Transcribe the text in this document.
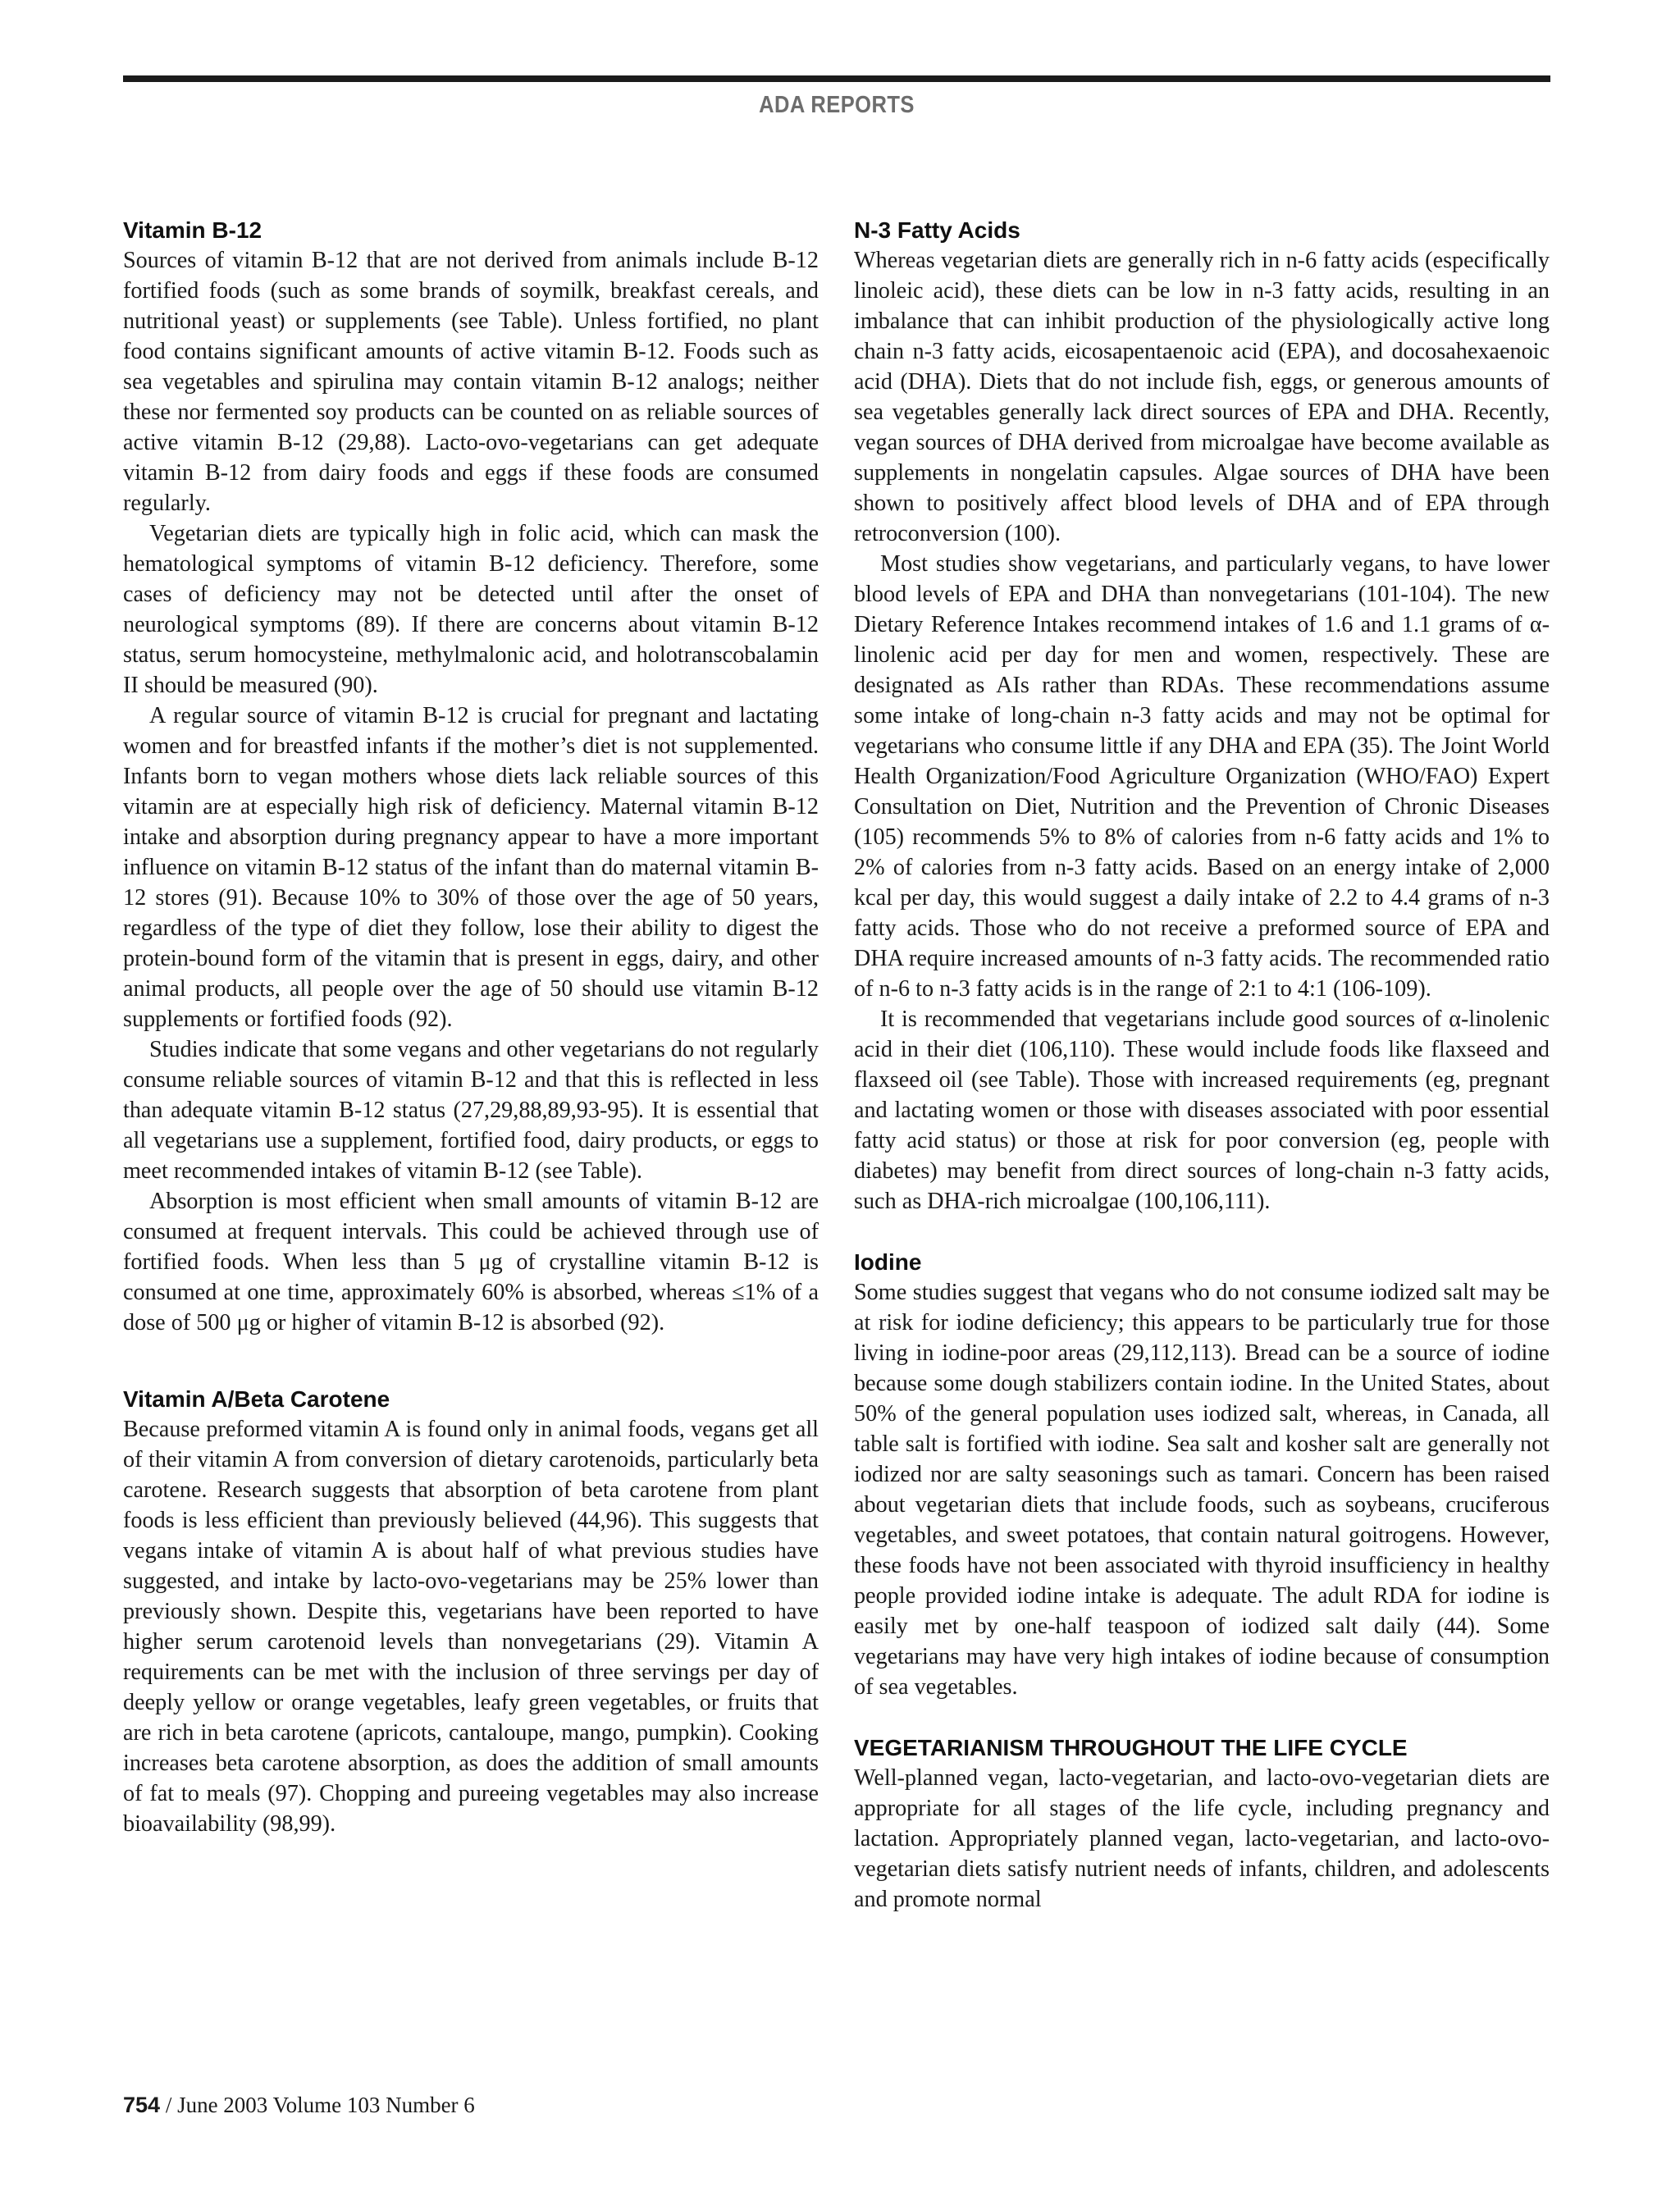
ADA REPORTS
Vitamin B-12

Sources of vitamin B-12 that are not derived from animals include B-12 fortified foods (such as some brands of soymilk, breakfast cereals, and nutritional yeast) or supplements (see Table). Unless fortified, no plant food contains significant amounts of active vitamin B-12. Foods such as sea vegetables and spirulina may contain vitamin B-12 analogs; neither these nor fermented soy products can be counted on as reliable sources of active vitamin B-12 (29,88). Lacto-ovo-vegetarians can get adequate vitamin B-12 from dairy foods and eggs if these foods are consumed regularly.

Vegetarian diets are typically high in folic acid, which can mask the hematological symptoms of vitamin B-12 deficiency. Therefore, some cases of deficiency may not be detected until after the onset of neurological symptoms (89). If there are concerns about vitamin B-12 status, serum homocysteine, methylmalonic acid, and holotranscobalamin II should be measured (90).

A regular source of vitamin B-12 is crucial for pregnant and lactating women and for breastfed infants if the mother’s diet is not supplemented. Infants born to vegan mothers whose diets lack reliable sources of this vitamin are at especially high risk of deficiency. Maternal vitamin B-12 intake and absorption during pregnancy appear to have a more important influence on vitamin B-12 status of the infant than do maternal vitamin B-12 stores (91). Because 10% to 30% of those over the age of 50 years, regardless of the type of diet they follow, lose their ability to digest the protein-bound form of the vitamin that is present in eggs, dairy, and other animal products, all people over the age of 50 should use vitamin B-12 supplements or fortified foods (92).

Studies indicate that some vegans and other vegetarians do not regularly consume reliable sources of vitamin B-12 and that this is reflected in less than adequate vitamin B-12 status (27,29,88,89,93-95). It is essential that all vegetarians use a supplement, fortified food, dairy products, or eggs to meet recommended intakes of vitamin B-12 (see Table).

Absorption is most efficient when small amounts of vitamin B-12 are consumed at frequent intervals. This could be achieved through use of fortified foods. When less than 5 μg of crystalline vitamin B-12 is consumed at one time, approximately 60% is absorbed, whereas ≤1% of a dose of 500 μg or higher of vitamin B-12 is absorbed (92).

Vitamin A/Beta Carotene

Because preformed vitamin A is found only in animal foods, vegans get all of their vitamin A from conversion of dietary carotenoids, particularly beta carotene. Research suggests that absorption of beta carotene from plant foods is less efficient than previously believed (44,96). This suggests that vegans intake of vitamin A is about half of what previous studies have suggested, and intake by lacto-ovo-vegetarians may be 25% lower than previously shown. Despite this, vegetarians have been reported to have higher serum carotenoid levels than nonvegetarians (29). Vitamin A requirements can be met with the inclusion of three servings per day of deeply yellow or orange vegetables, leafy green vegetables, or fruits that are rich in beta carotene (apricots, cantaloupe, mango, pumpkin). Cooking increases beta carotene absorption, as does the addition of small amounts of fat to meals (97). Chopping and pureeing vegetables may also increase bioavailability (98,99).

N-3 Fatty Acids

Whereas vegetarian diets are generally rich in n-6 fatty acids (especifically linoleic acid), these diets can be low in n-3 fatty acids, resulting in an imbalance that can inhibit production of the physiologically active long chain n-3 fatty acids, eicosapentaenoic acid (EPA), and docosahexaenoic acid (DHA). Diets that do not include fish, eggs, or generous amounts of sea vegetables generally lack direct sources of EPA and DHA. Recently, vegan sources of DHA derived from microalgae have become available as supplements in nongelatin capsules. Algae sources of DHA have been shown to positively affect blood levels of DHA and of EPA through retroconversion (100).

Most studies show vegetarians, and particularly vegans, to have lower blood levels of EPA and DHA than nonvegetarians (101-104). The new Dietary Reference Intakes recommend intakes of 1.6 and 1.1 grams of α-linolenic acid per day for men and women, respectively. These are designated as AIs rather than RDAs. These recommendations assume some intake of long-chain n-3 fatty acids and may not be optimal for vegetarians who consume little if any DHA and EPA (35). The Joint World Health Organization/Food Agriculture Organization (WHO/FAO) Expert Consultation on Diet, Nutrition and the Prevention of Chronic Diseases (105) recommends 5% to 8% of calories from n-6 fatty acids and 1% to 2% of calories from n-3 fatty acids. Based on an energy intake of 2,000 kcal per day, this would suggest a daily intake of 2.2 to 4.4 grams of n-3 fatty acids. Those who do not receive a preformed source of EPA and DHA require increased amounts of n-3 fatty acids. The recommended ratio of n-6 to n-3 fatty acids is in the range of 2:1 to 4:1 (106-109).

It is recommended that vegetarians include good sources of α-linolenic acid in their diet (106,110). These would include foods like flaxseed and flaxseed oil (see Table). Those with increased requirements (eg, pregnant and lactating women or those with diseases associated with poor essential fatty acid status) or those at risk for poor conversion (eg, people with diabetes) may benefit from direct sources of long-chain n-3 fatty acids, such as DHA-rich microalgae (100,106,111).

Iodine

Some studies suggest that vegans who do not consume iodized salt may be at risk for iodine deficiency; this appears to be particularly true for those living in iodine-poor areas (29,112,113). Bread can be a source of iodine because some dough stabilizers contain iodine. In the United States, about 50% of the general population uses iodized salt, whereas, in Canada, all table salt is fortified with iodine. Sea salt and kosher salt are generally not iodized nor are salty seasonings such as tamari. Concern has been raised about vegetarian diets that include foods, such as soybeans, cruciferous vegetables, and sweet potatoes, that contain natural goitrogens. However, these foods have not been associated with thyroid insufficiency in healthy people provided iodine intake is adequate. The adult RDA for iodine is easily met by one-half teaspoon of iodized salt daily (44). Some vegetarians may have very high intakes of iodine because of consumption of sea vegetables.

VEGETARIANISM THROUGHOUT THE LIFE CYCLE

Well-planned vegan, lacto-vegetarian, and lacto-ovo-vegetarian diets are appropriate for all stages of the life cycle, including pregnancy and lactation. Appropriately planned vegan, lacto-vegetarian, and lacto-ovo-vegetarian diets satisfy nutrient needs of infants, children, and adolescents and promote normal

754 / June 2003 Volume 103 Number 6
